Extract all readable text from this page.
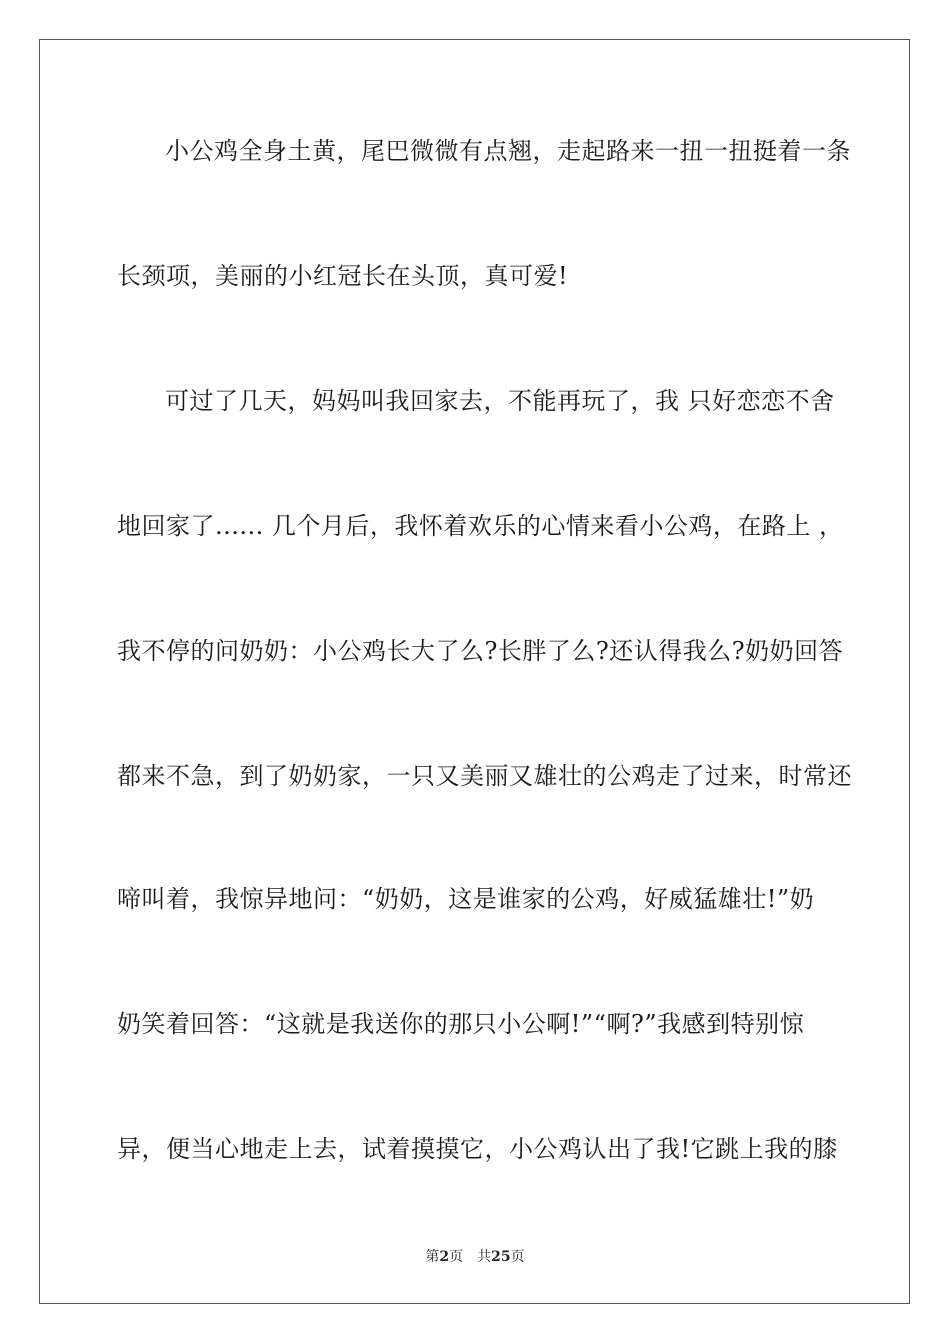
小公鸡全身土黄，尾巴微微有点翘，走起路来一扭一扭挺着一条
长颈项，美丽的小红冠长在头顶，真可爱!
可过了几天，妈妈叫我回家去，不能再玩了，我 只好恋恋不舍
地回家了...... 几个月后，我怀着欢乐的心情来看小公鸡，在路上 ，
我不停的问奶奶：小公鸡长大了么?长胖了么?还认得我么?奶奶回答
都来不急，到了奶奶家，一只又美丽又雄壮的公鸡走了过来，时常还
啼叫着，我惊异地问：“奶奶，这是谁家的公鸡，好威猛雄壮!”奶
奶笑着回答：“这就是我送你的那只小公啊!”“啊?”我感到特别惊
异，便当心地走上去，试着摸摸它，小公鸡认出了我!它跳上我的膝
第2页 共25页
